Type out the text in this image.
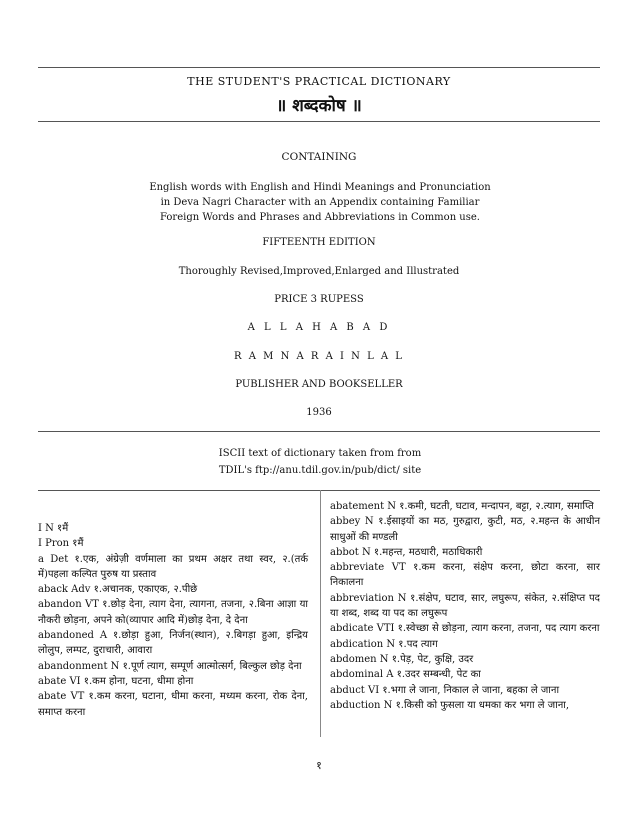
THE STUDENT'S PRACTICAL DICTIONARY
॥ शब्दकोष ॥
CONTAINING
English words with English and Hindi Meanings and Pronunciation in Deva Nagri Character with an Appendix containing Familiar Foreign Words and Phrases and Abbreviations in Common use.
FIFTEENTH EDITION
Thoroughly Revised,Improved,Enlarged and Illustrated
PRICE 3 RUPESS
A L L A H A B A D
R A M N A R A I N L A L
PUBLISHER AND BOOKSELLER
1936
ISCII text of dictionary taken from from
TDIL's ftp://anu.tdil.gov.in/pub/dict/ site

I N १मैं

I Pron १मैं

a Det १.एक, अंग्रेज़ी वर्णमाला का प्रथम अक्षर तथा स्वर, २.(तर्क में)पहला कल्पित पुरुष या प्रस्ताव

aback Adv १.अचानक, एकाएक, २.पीछे

abandon VT १.छोड़ देना, त्याग देना, त्यागना, तजना, २.बिना आज्ञा या नौकरी छोड़ना, अपने को(व्यापार आदि में)छोड़ देना, दे देना

abandoned A १.छोड़ा हुआ, निर्जन(स्थान), २.बिगड़ा हुआ, इन्द्रिय लोलुप, लम्पट, दुराचारी, आवारा

abandonment N १.पूर्ण त्याग, सम्पूर्ण आत्मोत्सर्ग, बिल्कुल छोड़ देना

abate VI १.कम होना, घटना, धीमा होना

abate VT १.कम करना, घटाना, धीमा करना, मध्यम करना, रोक देना, समाप्त करना

abatement N १.कमी, घटती, घटाव, मन्दापन, बट्टा, २.त्याग, समाप्ति

abbey N १.ईसाइयों का मठ, गुरुद्वारा, कुटी, मठ, २.महन्त के आधीन साधुओं की मण्डली

abbot N १.महन्त, मठधारी, मठाधिकारी

abbreviate VT १.कम करना, संक्षेप करना, छोटा करना, सार निकालना

abbreviation N १.संक्षेप, घटाव, सार, लघुरूप, संकेत, २.संक्षिप्त पद या शब्द, शब्द या पद का लघुरूप

abdicate VTI १.स्वेच्छा से छोड़ना, त्याग करना, तजना, पद त्याग करना

abdication N १.पद त्याग

abdomen N १.पेड़, पेट, कुक्षि, उदर

abdominal A १.उदर सम्बन्धी, पेट का

abduct VI १.भगा ले जाना, निकाल ले जाना, बहका ले जाना

abduction N १.किसी को फुसला या धमका कर भगा ले जाना,

१
